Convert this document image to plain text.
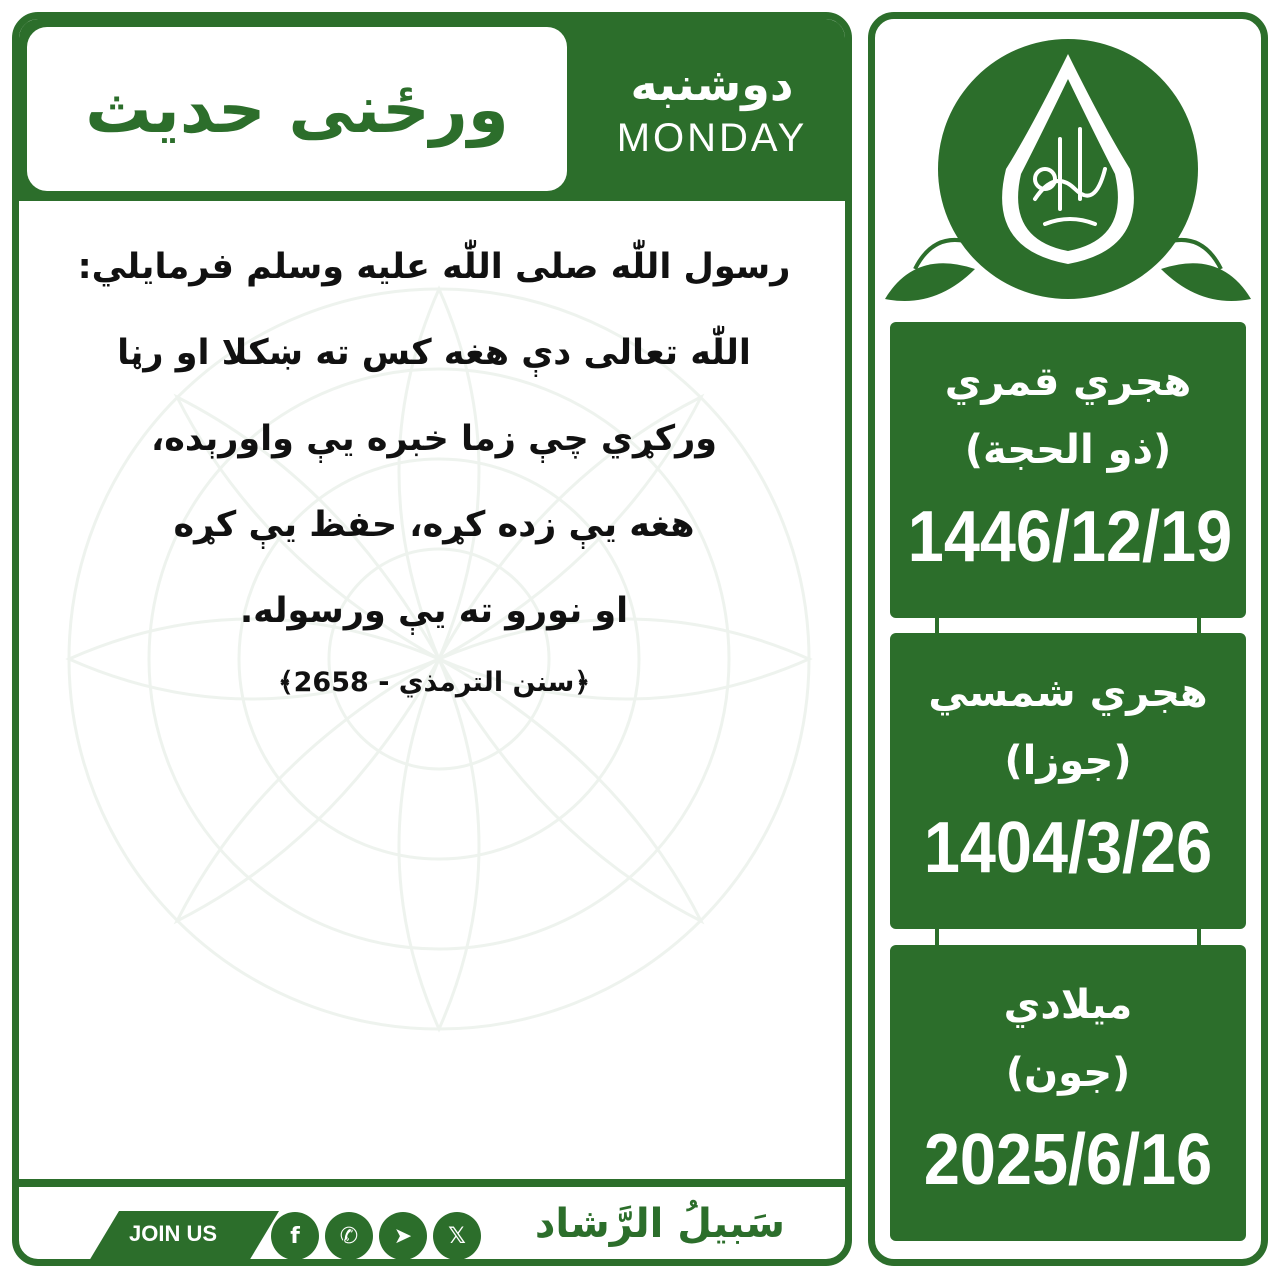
ورځنی حدیث	دوشنبه
MONDAY
رسول اللّٰه صلی اللّٰه علیه وسلم فرمایلي:
اللّٰه تعالی دې هغه کس ته ښکلا او رڼا
ورکړي چې زما خبره یې واورېده،
هغه یې زده کړه، حفظ یې کړه
او نورو ته یې ورسوله.
﴿سنن الترمذي - 2658﴾
JOIN US	f	✆	➤	𝕏	سَبیلُ الرَّشاد
هجري قمري
(ذو الحجة)
1446/12/19
هجري شمسي
(جوزا)
1404/3/26
میلادي
(جون)
2025/6/16
